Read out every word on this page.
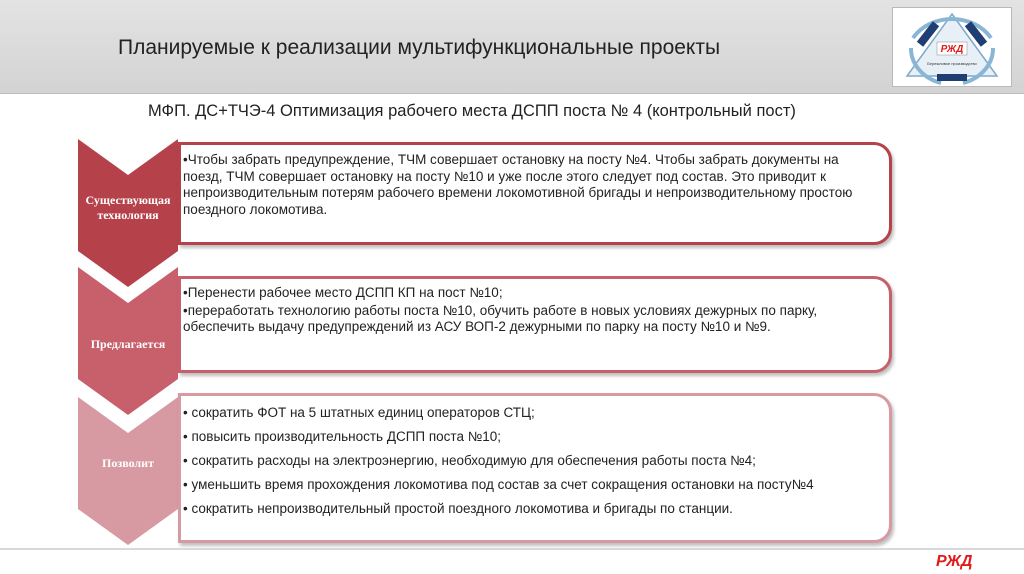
Планируемые к реализации мультифункциональные проекты	РЖД
Бережливое производство
МФП. ДС+ТЧЭ-4 Оптимизация рабочего места ДСПП поста № 4 (контрольный пост)
Существующая
технология
•Чтобы забрать предупреждение, ТЧМ совершает остановку на посту №4. Чтобы забрать документы на поезд, ТЧМ совершает остановку на посту №10 и уже после этого следует под состав. Это приводит к непроизводительным потерям рабочего времени локомотивной бригады и непроизводительному простою поездного локомотива.
Предлагается
•Перенести рабочее место ДСПП КП на пост №10;
•переработать технологию работы поста №10, обучить работе в новых условиях дежурных по парку, обеспечить выдачу предупреждений из АСУ ВОП-2 дежурными по парку на посту №10 и №9.
Позволит
• сократить ФОТ на 5 штатных единиц операторов СТЦ;
• повысить производительность ДСПП поста №10;
• сократить расходы на электроэнергию, необходимую для обеспечения работы поста №4;
• уменьшить время прохождения локомотива под состав за счет сокращения остановки на посту№4
• сократить непроизводительный простой поездного локомотива и бригады по станции.
РЖД
